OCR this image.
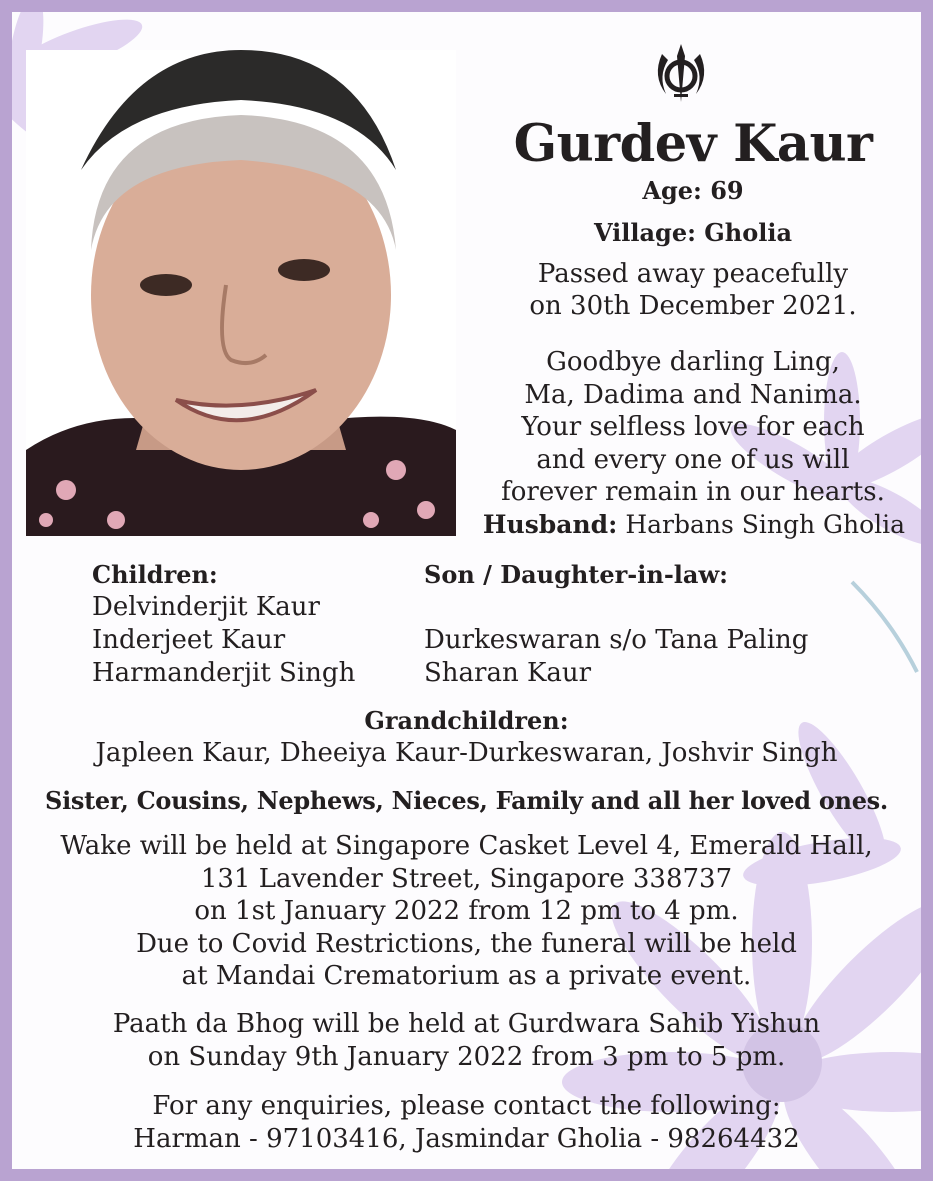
Gurdev Kaur
Age: 69
Village: Gholia
Passed away peacefully
on 30th December 2021.
Goodbye darling Ling,
Ma, Dadima and Nanima.
Your selfless love for each
and every one of us will
forever remain in our hearts.
Husband: Harbans Singh Gholia
Children:
Delvinderjit Kaur
Inderjeet Kaur
Harmanderjit Singh
Son / Daughter-in-law:

Durkeswaran s/o Tana Paling
Sharan Kaur
Grandchildren:
Japleen Kaur, Dheeiya Kaur-Durkeswaran, Joshvir Singh
Sister, Cousins, Nephews, Nieces, Family and all her loved ones.
Wake will be held at Singapore Casket Level 4, Emerald Hall,
131 Lavender Street, Singapore 338737
on 1st January 2022 from 12 pm to 4 pm.
Due to Covid Restrictions, the funeral will be held
at Mandai Crematorium as a private event.
Paath da Bhog will be held at Gurdwara Sahib Yishun
on Sunday 9th January 2022 from 3 pm to 5 pm.
For any enquiries, please contact the following:
Harman - 97103416, Jasmindar Gholia - 98264432
